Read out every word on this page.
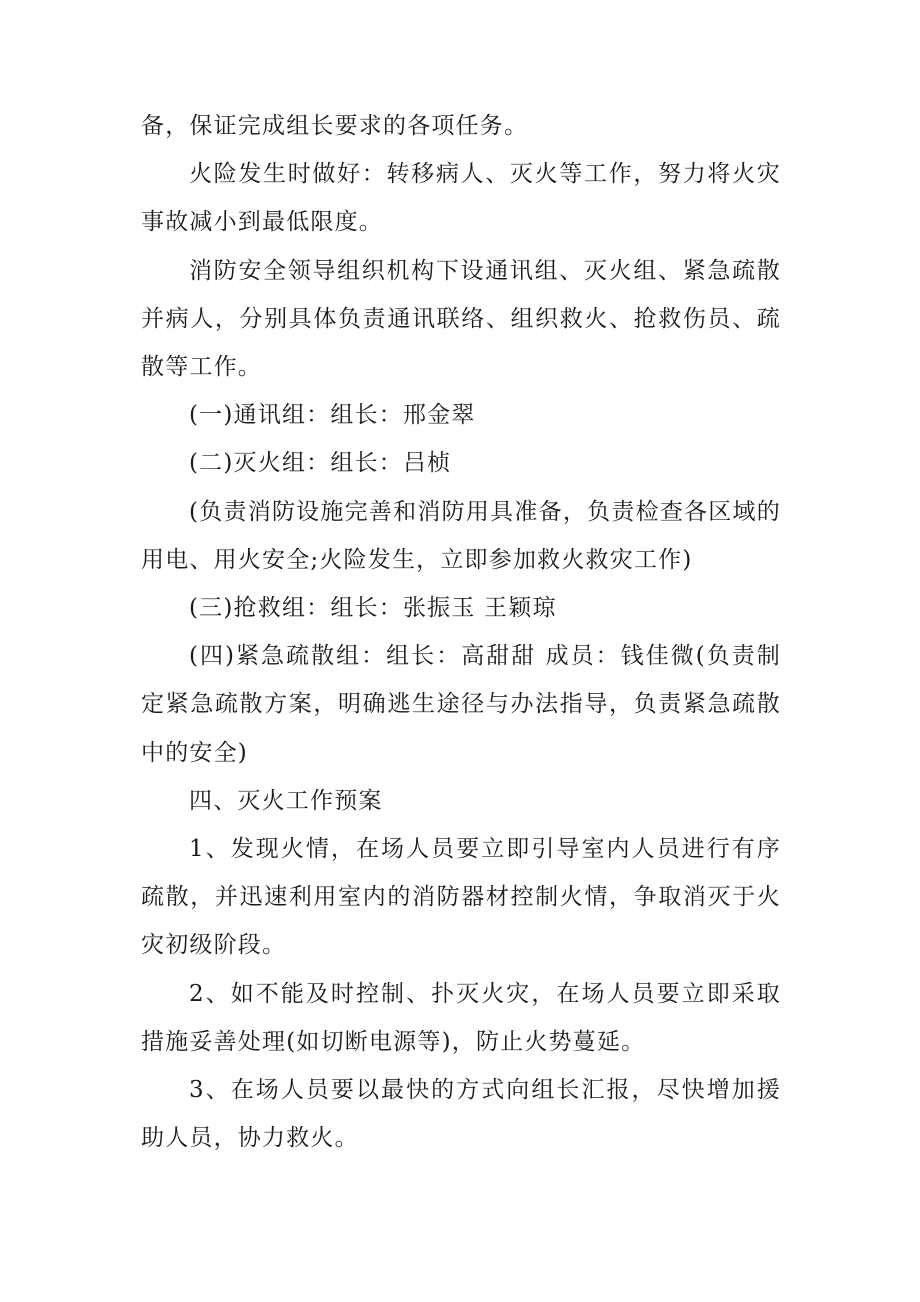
备，保证完成组长要求的各项任务。

火险发生时做好：转移病人、灭火等工作，努力将火灾事故减小到最低限度。

消防安全领导组织机构下设通讯组、灭火组、紧急疏散并病人，分别具体负责通讯联络、组织救火、抢救伤员、疏散等工作。

(一)通讯组：组长：邢金翠

(二)灭火组：组长：吕桢

(负责消防设施完善和消防用具准备，负责检查各区域的用电、用火安全;火险发生，立即参加救火救灾工作)

(三)抢救组：组长：张振玉 王颖琼

(四)紧急疏散组：组长：高甜甜 成员：钱佳微(负责制定紧急疏散方案，明确逃生途径与办法指导，负责紧急疏散中的安全)

四、灭火工作预案

1、发现火情，在场人员要立即引导室内人员进行有序疏散，并迅速利用室内的消防器材控制火情，争取消灭于火灾初级阶段。

2、如不能及时控制、扑灭火灾，在场人员要立即采取措施妥善处理(如切断电源等)，防止火势蔓延。

3、在场人员要以最快的方式向组长汇报，尽快增加援助人员，协力救火。
